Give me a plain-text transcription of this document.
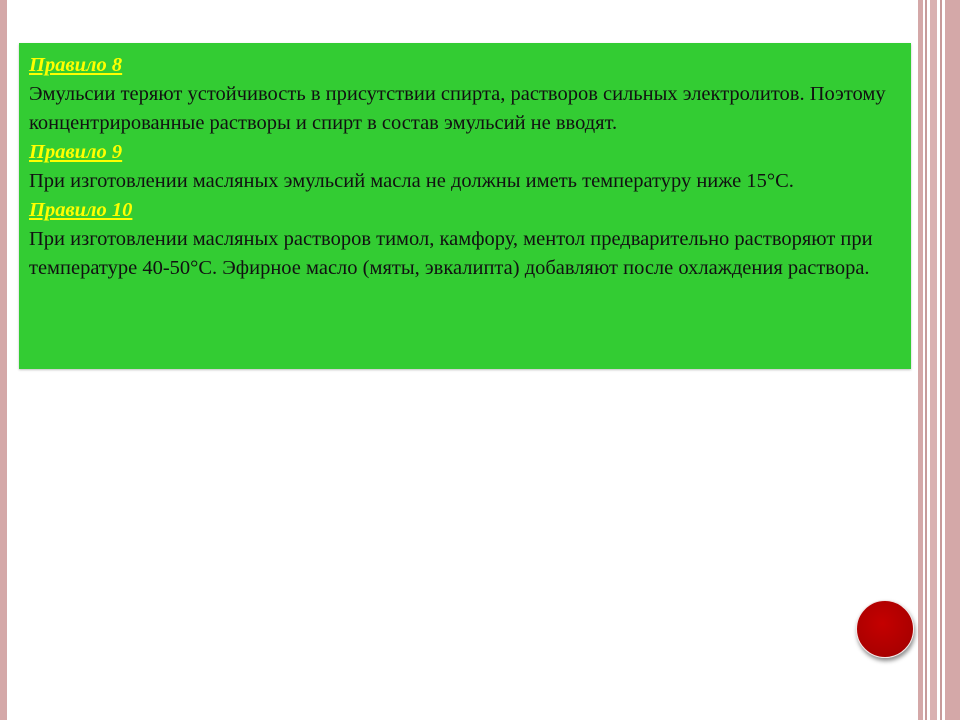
Правило 8

Эмульсии теряют устойчивость в присутствии спирта, растворов сильных электролитов. Поэтому концентрированные растворы и спирт в состав эмульсий не вводят.

Правило 9

При изготовлении масляных эмульсий масла не должны иметь температуру ниже 15°С.

Правило 10

При изготовлении масляных растворов тимол, камфору, ментол предварительно растворяют при температуре 40-50°С. Эфирное масло (мяты, эвкалипта) добавляют после охлаждения раствора.
